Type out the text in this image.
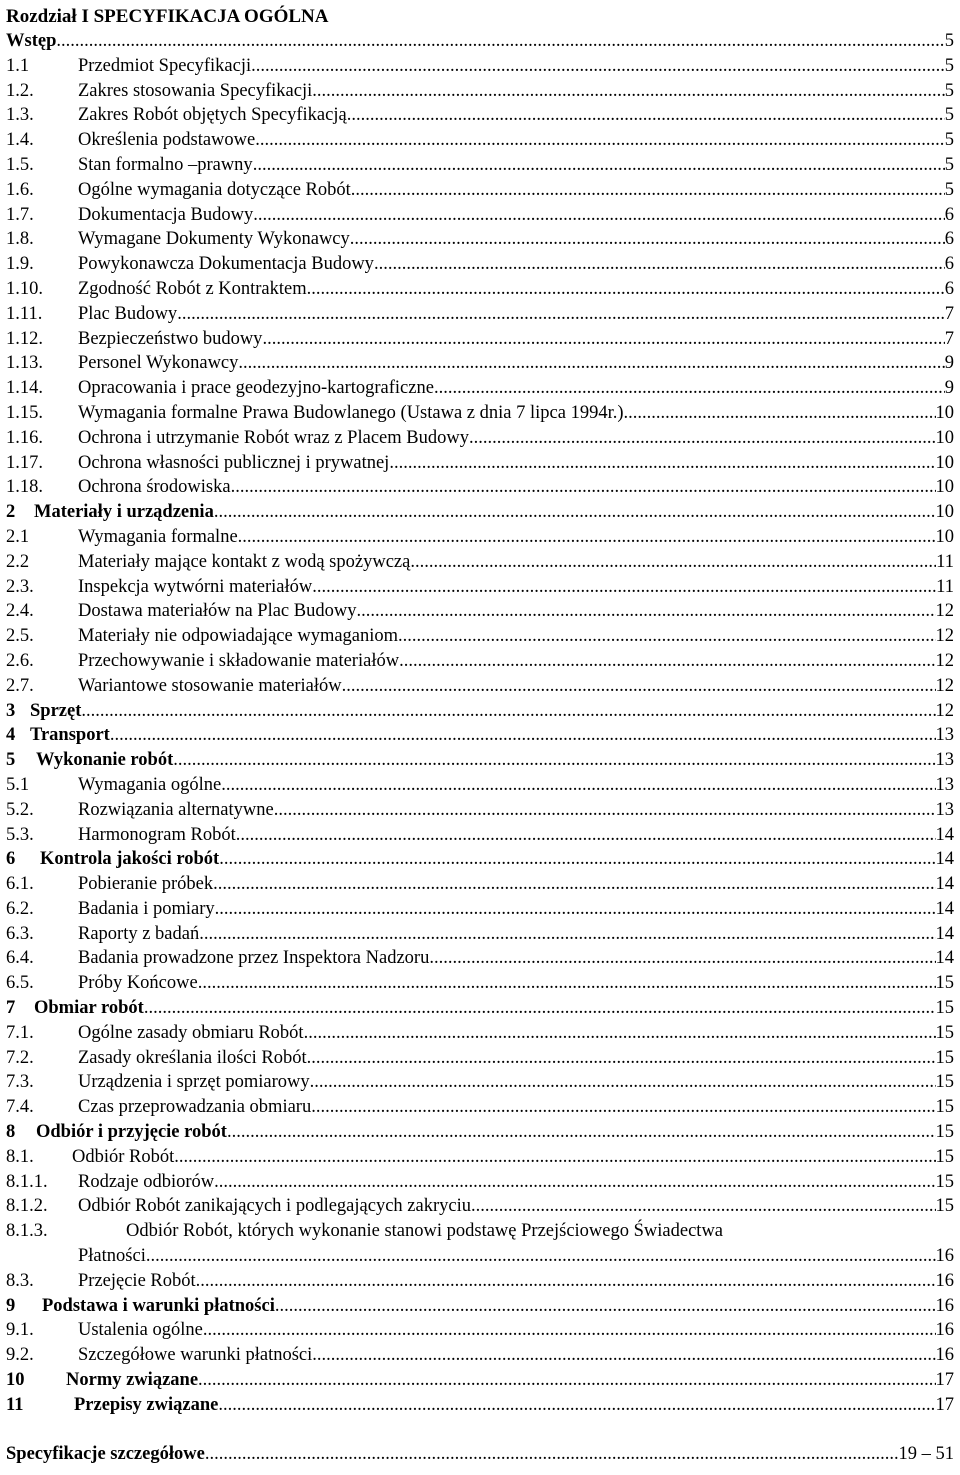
Rozdział I SPECYFIKACJA OGÓLNA
Wstęp .....	5
1.1	Przedmiot Specyfikacji .....	5
1.2.	Zakres stosowania Specyfikacji .....	5
1.3.	Zakres Robót objętych Specyfikacją .....	5
1.4.	Określenia podstawowe .....	5
1.5.	Stan formalno –prawny .....	5
1.6.	Ogólne wymagania dotyczące Robót .....	5
1.7.	Dokumentacja Budowy .....	6
1.8.	Wymagane Dokumenty Wykonawcy .....	6
1.9.	Powykonawcza Dokumentacja Budowy .....	6
1.10.	Zgodność Robót z Kontraktem .....	6
1.11.	Plac Budowy .....	7
1.12.	Bezpieczeństwo budowy .....	7
1.13.	Personel Wykonawcy .....	9
1.14.	Opracowania i prace geodezyjno-kartograficzne .....	9
1.15.	Wymagania formalne Prawa Budowlanego (Ustawa z dnia 7 lipca 1994r.) .....	10
1.16.	Ochrona i utrzymanie Robót wraz z Placem Budowy .....	10
1.17.	Ochrona własności publicznej i prywatnej .....	10
1.18.	Ochrona środowiska .....	10
2	Materiały i urządzenia .....	10
2.1	Wymagania formalne .....	10
2.2	Materiały mające kontakt z wodą spożywczą .....	11
2.3.	Inspekcja wytwórni materiałów .....	11
2.4.	Dostawa materiałów na Plac Budowy .....	12
2.5.	Materiały nie odpowiadające wymaganiom .....	12
2.6.	Przechowywanie i składowanie materiałów .....	12
2.7.	Wariantowe stosowanie materiałów .....	12
3 Sprzęt .....	12
4 Transport .....	13
5	Wykonanie robót .....	13
5.1	Wymagania ogólne .....	13
5.2.	Rozwiązania alternatywne .....	13
5.3.	Harmonogram Robót .....	14
6	Kontrola jakości robót .....	14
6.1.	Pobieranie próbek .....	14
6.2.	Badania i pomiary .....	14
6.3.	Raporty z badań .....	14
6.4.	Badania prowadzone przez Inspektora Nadzoru .....	14
6.5.	Próby Końcowe .....	15
7	Obmiar robót .....	15
7.1.	Ogólne zasady obmiaru Robót .....	15
7.2.	Zasady określania ilości Robót .....	15
7.3.	Urządzenia i sprzęt pomiarowy .....	15
7.4.	Czas przeprowadzania obmiaru .....	15
8	Odbiór i przyjęcie robót .....	15
8.1.	Odbiór Robót .....	15
8.1.1.	Rodzaje odbiorów .....	15
8.1.2.	Odbiór Robót zanikających i podlegających zakryciu .....	15
8.1.3.	Odbiór Robót, których wykonanie stanowi podstawę Przejściowego Świadectwa
Płatności. .....	16
8.3.	Przejęcie Robót .....	16
9	Podstawa i warunki płatności .....	16
9.1.	Ustalenia ogólne .....	16
9.2.	Szczegółowe warunki płatności .....	16
10	Normy związane .....	17
11	Przepisy związane .....	17
Specyfikacje szczegółowe .....	19 – 51
